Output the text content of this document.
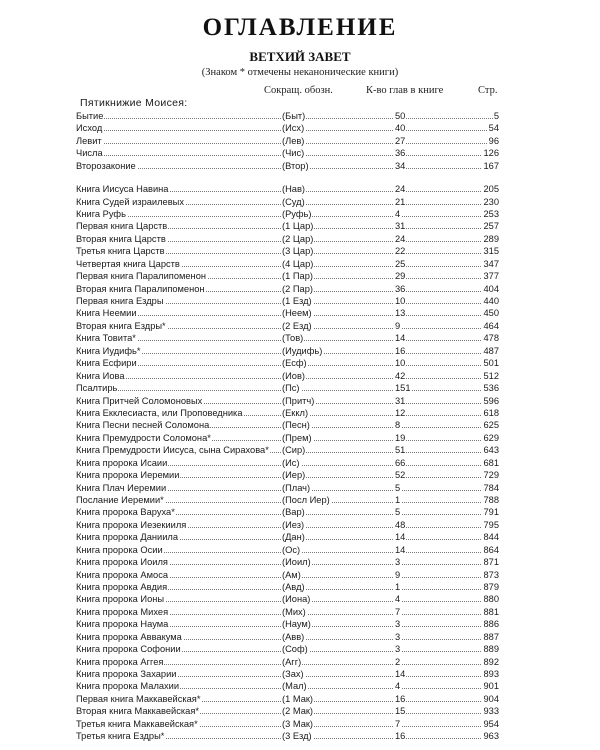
ОГЛАВЛЕНИЕ
ВЕТХИЙ ЗАВЕТ
(Знаком * отмечены неканонические книги)
Сокращ. обозн.	К-во глав в книге	Стр.
Пятикнижие Моисея:
Бытие	(Быт)	50	5
Исход	(Исх)	40	54
Левит	(Лев)	27	96
Числа	(Чис)	36	126
Второзаконие	(Втор)	34	167
Книга Иисуса Навина	(Нав)	24	205
Книга Судей израилевых	(Суд)	21	230
Книга Руфь	(Руфь)	4	253
Первая книга Царств	(1 Цар)	31	257
Вторая книга Царств	(2 Цар)	24	289
Третья книга Царств	(3 Цар)	22	315
Четвертая книга Царств	(4 Цар)	25	347
Первая книга Паралипоменон	(1 Пар)	29	377
Вторая книга Паралипоменон	(2 Пар)	36	404
Первая книга Ездры	(1 Езд)	10	440
Книга Неемии	(Неем)	13	450
Вторая книга Ездры*	(2 Езд)	9	464
Книга Товита*	(Тов)	14	478
Книга Иудифь*	(Иудифь)	16	487
Книга Есфири	(Есф)	10	501
Книга Иова	(Иов)	42	512
Псалтирь	(Пс)	151	536
Книга Притчей Соломоновых	(Притч)	31	596
Книга Екклесиаста, или Проповедника	(Еккл)	12	618
Книга Песни песней Соломона	(Песн)	8	625
Книга Премудрости Соломона*	(Прем)	19	629
Книга Премудрости Иисуса, сына Сирахова* (Сир)	51	643
Книга пророка Исаии	(Ис)	66	681
Книга пророка Иеремии	(Иер)	52	729
Книга Плач Иеремии	(Плач)	5	784
Послание Иеремии*	(Посл Иер)	1	788
Книга пророка Варуха*	(Вар)	5	791
Книга пророка Иезекииля	(Иез)	48	795
Книга пророка Даниила	(Дан)	14	844
Книга пророка Осии	(Ос)	14	864
Книга пророка Иоиля	(Иоил)	3	871
Книга пророка Амоса	(Ам)	9	873
Книга пророка Авдия	(Авд)	1	879
Книга пророка Ионы	(Иона)	4	880
Книга пророка Михея	(Мих)	7	881
Книга пророка Наума	(Наум)	3	886
Книга пророка Аввакума	(Авв)	3	887
Книга пророка Софонии	(Соф)	3	889
Книга пророка Аггея	(Агг)	2	892
Книга пророка Захарии	(Зах)	14	893
Книга пророка Малахии	(Мал)	4	901
Первая книга Маккавейская*	(1 Мак)	16	904
Вторая книга Маккавейская*	(2 Мак)	15	933
Третья книга Маккавейская*	(3 Мак)	7	954
Третья книга Ездры*	(3 Езд)	16	963
